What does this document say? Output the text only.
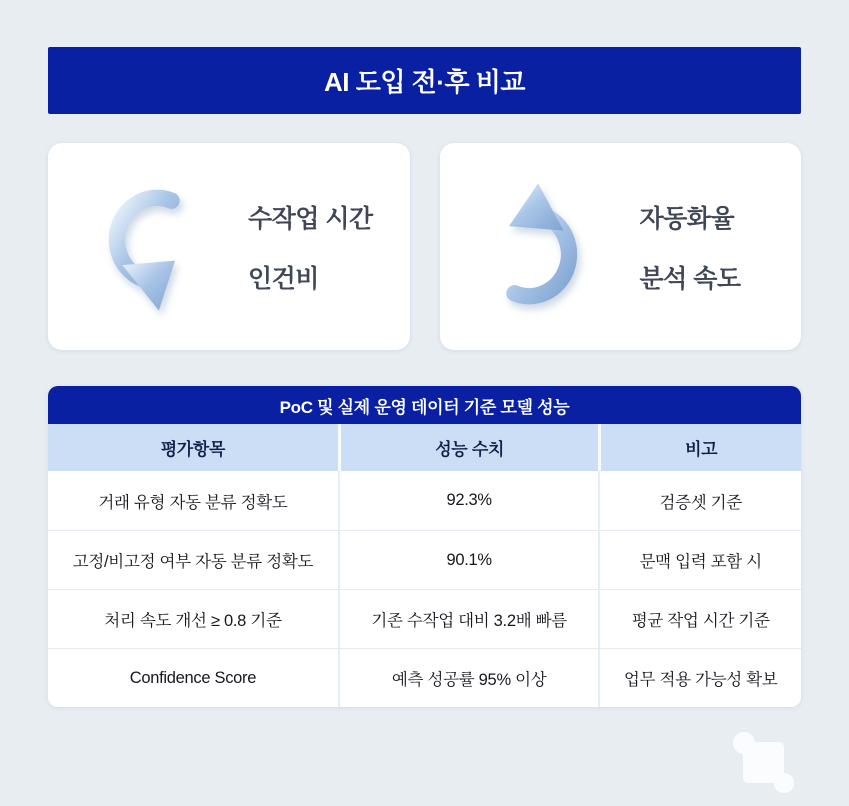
AI 도입 전·후 비교
수작업 시간
인건비
자동화율
분석 속도
PoC 및 실제 운영 데이터 기준 모델 성능
평가항목	성능 수치	비고
거래 유형 자동 분류 정확도	92.3%	검증셋 기준
고정/비고정 여부 자동 분류 정확도	90.1%	문맥 입력 포함 시
처리 속도 개선 ≥ 0.8 기준	기존 수작업 대비 3.2배 빠름	평균 작업 시간 기준
Confidence Score	예측 성공률 95% 이상	업무 적용 가능성 확보
